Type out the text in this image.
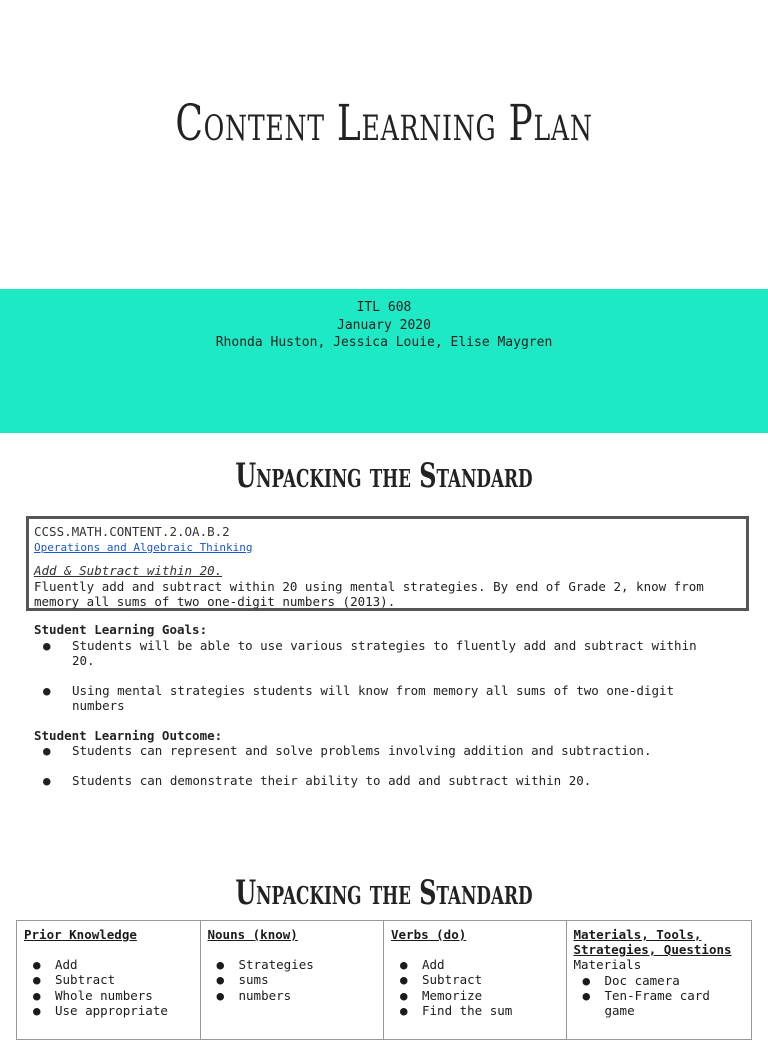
Content Learning Plan
ITL 608
January 2020
Rhonda Huston, Jessica Louie, Elise Maygren
Unpacking the Standard
CCSS.MATH.CONTENT.2.OA.B.2
Operations and Algebraic Thinking
Add & Subtract within 20.
Fluently add and subtract within 20 using mental strategies. By end of Grade 2, know from memory all sums of two one-digit numbers (2013).
Student Learning Goals:
● Students will be able to use various strategies to fluently add and subtract within 20.
● Using mental strategies students will know from memory all sums of two one-digit numbers
Student Learning Outcome:
● Students can represent and solve problems involving addition and subtraction.
● Students can demonstrate their ability to add and subtract within 20.
Unpacking the Standard
Prior Knowledge
● Add
● Subtract
● Whole numbers
● Use appropriate
Nouns (know)
● Strategies
● sums
● numbers
Verbs (do)
● Add
● Subtract
● Memorize
● Find the sum
Materials, Tools, Strategies, Questions
Materials
● Doc camera
● Ten-Frame card game
